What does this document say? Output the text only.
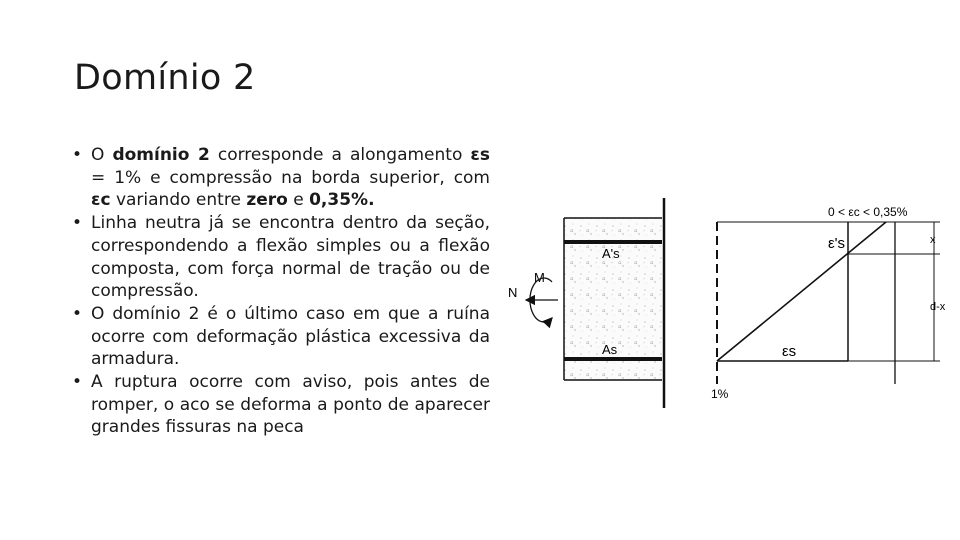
Domínio 2
• O domínio 2 corresponde a alongamento εs = 1% e compressão na borda superior, com εc variando entre zero e 0,35%.
• Linha neutra já se encontra dentro da seção, correspondendo a flexão simples ou a flexão composta, com força normal de tração ou de compressão.
• O domínio 2 é o último caso em que a ruína ocorre com deformação plástica excessiva da armadura.
• A ruptura ocorre com aviso, pois antes de romper, o aco se deforma a ponto de aparecer grandes fissuras na peca
A's
As
M
N
0 < εc < 0,35%
ε's
εs
1%
x
d-x
